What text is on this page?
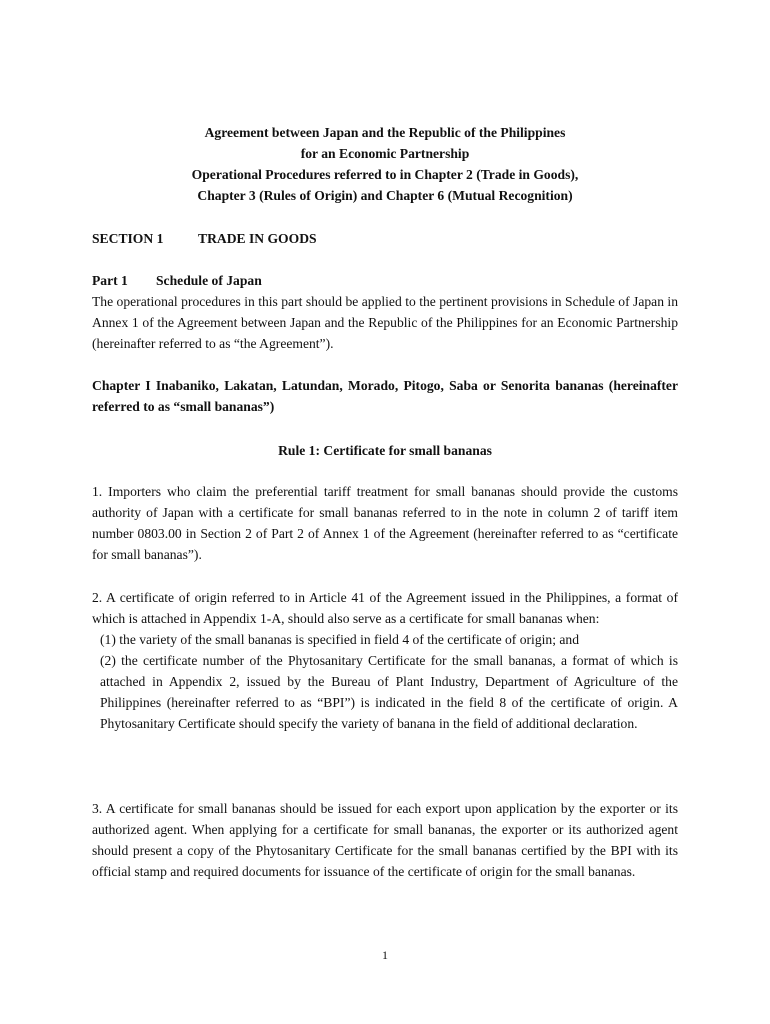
Agreement between Japan and the Republic of the Philippines
for an Economic Partnership
Operational Procedures referred to in Chapter 2 (Trade in Goods),
Chapter 3 (Rules of Origin) and Chapter 6 (Mutual Recognition)
SECTION 1	TRADE IN GOODS
Part 1 Schedule of Japan
The operational procedures in this part should be applied to the pertinent provisions in Schedule of Japan in Annex 1 of the Agreement between Japan and the Republic of the Philippines for an Economic Partnership (hereinafter referred to as “the Agreement”).
Chapter I Inabaniko, Lakatan, Latundan, Morado, Pitogo, Saba or Senorita bananas (hereinafter referred to as “small bananas”)
Rule 1: Certificate for small bananas
1. Importers who claim the preferential tariff treatment for small bananas should provide the customs authority of Japan with a certificate for small bananas referred to in the note in column 2 of tariff item number 0803.00 in Section 2 of Part 2 of Annex 1 of the Agreement (hereinafter referred to as “certificate for small bananas”).
2. A certificate of origin referred to in Article 41 of the Agreement issued in the Philippines, a format of which is attached in Appendix 1-A, should also serve as a certificate for small bananas when:
(1) the variety of the small bananas is specified in field 4 of the certificate of origin; and
(2) the certificate number of the Phytosanitary Certificate for the small bananas, a format of which is attached in Appendix 2, issued by the Bureau of Plant Industry, Department of Agriculture of the Philippines (hereinafter referred to as “BPI”) is indicated in the field 8 of the certificate of origin. A Phytosanitary Certificate should specify the variety of banana in the field of additional declaration.
3. A certificate for small bananas should be issued for each export upon application by the exporter or its authorized agent. When applying for a certificate for small bananas, the exporter or its authorized agent should present a copy of the Phytosanitary Certificate for the small bananas certified by the BPI with its official stamp and required documents for issuance of the certificate of origin for the small bananas.
1
